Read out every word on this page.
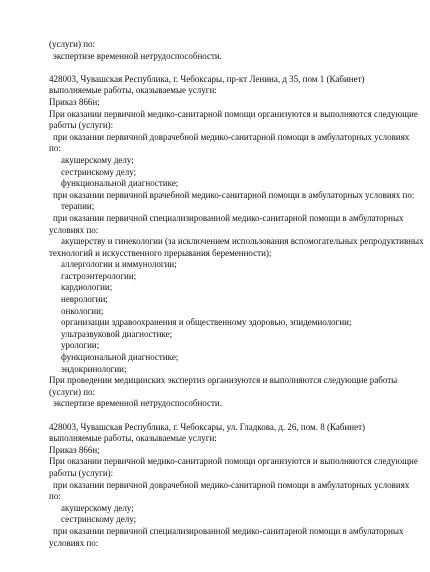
(услуги) по:
экспертизе временной нетрудоспособности.
428003, Чувашская Республика, г. Чебоксары, пр-кт Ленина, д 35, пом 1 (Кабинет)
выполняемые работы, оказываемые услуги:
Приказ 866н;
При оказании первичной медико-санитарной помощи организуются и выполняются следующие
работы (услуги):
при оказании первичной доврачебной медико-санитарной помощи в амбулаторных условиях
по:
акушерскому делу;
сестринскому делу;
функциональной диагностике;
при оказании первичной врачебной медико-санитарной помощи в амбулаторных условиях по:
терапии;
при оказании первичной специализированной медико-санитарной помощи в амбулаторных
условиях по:
акушерству и гинекологии (за исключением использования вспомогательных репродуктивных
технологий и искусственного прерывания беременности);
аллергологии и иммунологии;
гастроэнтерологии;
кардиологии;
неврологии;
онкологии;
организации здравоохранения и общественному здоровью, эпидемиологии;
ультразвуковой диагностике;
урологии;
функциональной диагностике;
эндокринологии;
При проведении медицинских экспертиз организуются и выполняются следующие работы
(услуги) по:
экспертизе временной нетрудоспособности.
428003, Чувашская Республика, г. Чебоксары, ул. Гладкова, д. 26, пом. 8 (Кабинет)
выполняемые работы, оказываемые услуги:
Приказ 866н;
При оказании первичной медико-санитарной помощи организуются и выполняются следующие
работы (услуги):
при оказании первичной доврачебной медико-санитарной помощи в амбулаторных условиях
по:
акушерскому делу;
сестринскому делу;
при оказании первичной специализированной медико-санитарной помощи в амбулаторных
условиях по:
